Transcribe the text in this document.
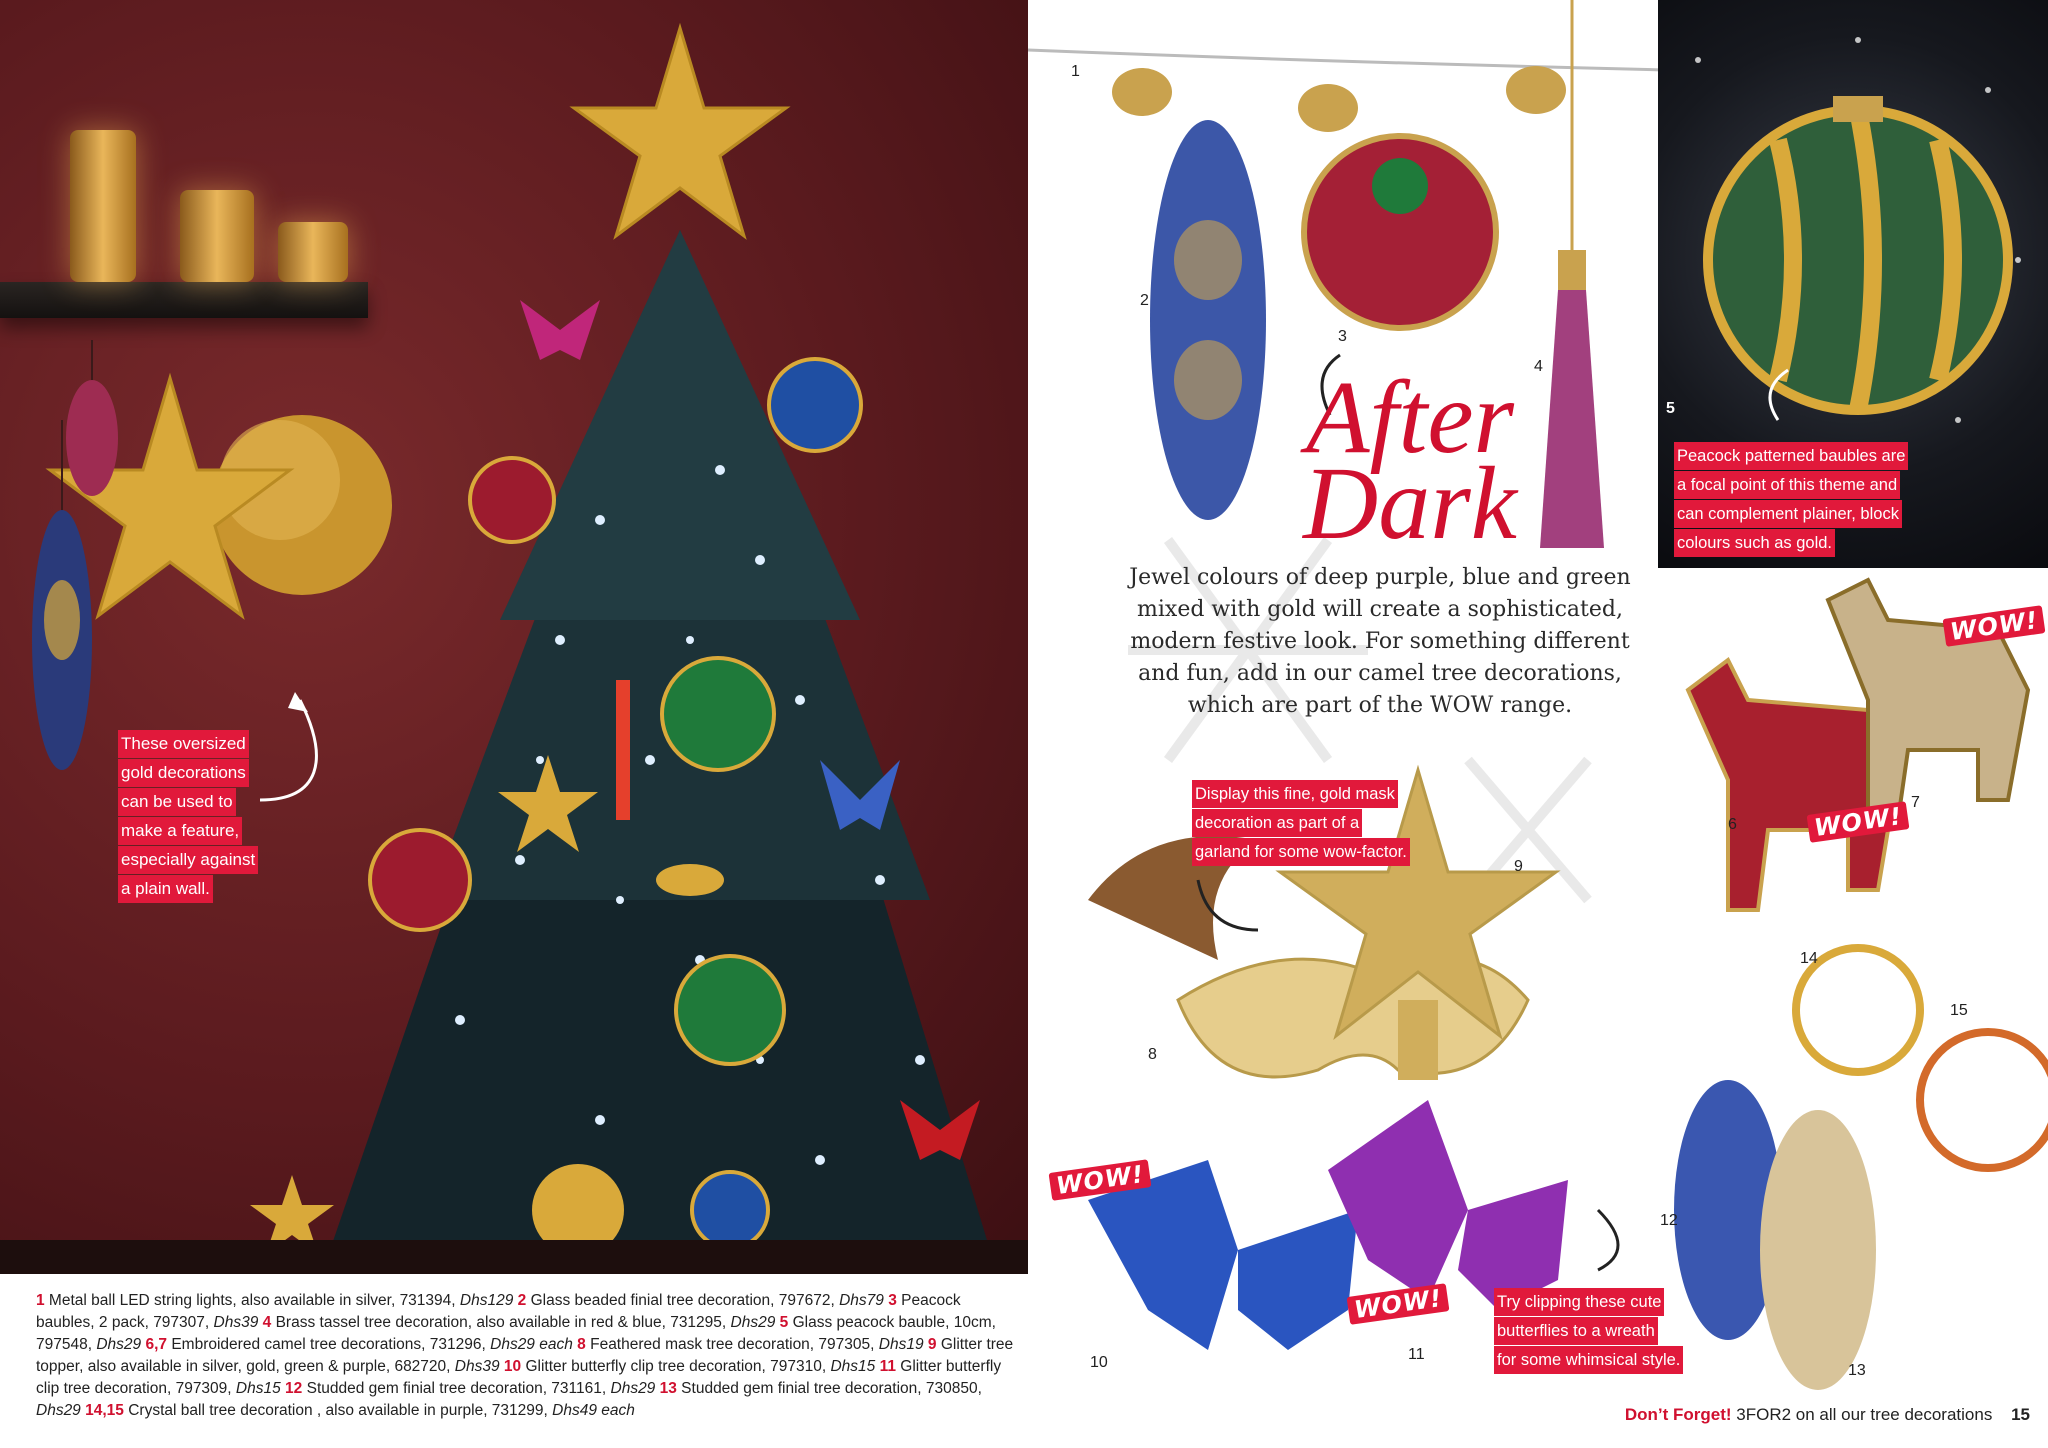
These oversized
gold decorations
can be used to
make a feature,
especially against
a plain wall.
1 Metal ball LED string lights, also available in silver, 731394, Dhs129 2 Glass beaded finial tree decoration, 797672, Dhs79 3 Peacock baubles, 2 pack, 797307, Dhs39 4 Brass tassel tree decoration, also available in red & blue, 731295, Dhs29 5 Glass peacock bauble, 10cm, 797548, Dhs29 6,7 Embroidered camel tree decorations, 731296, Dhs29 each 8 Feathered mask tree decoration, 797305, Dhs19 9 Glitter tree topper, also available in silver, gold, green & purple, 682720, Dhs39 10 Glitter butterfly clip tree decoration, 797310, Dhs15 11 Glitter butterfly clip tree decoration, 797309, Dhs15 12 Studded gem finial tree decoration, 731161, Dhs29 13 Studded gem finial tree decoration, 730850, Dhs29 14,15 Crystal ball tree decoration , also available in purple, 731299, Dhs49 each
1
2
3
4
5
6
7
8
9
10	11
12
13
14
15
WOW!
WOW!
WOW!
WOW!
After
Dark
Jewel colours of deep purple, blue and green mixed with gold will create a sophisticated, modern festive look. For something different and fun, add in our camel tree decorations, which are part of the WOW range.
Peacock patterned baubles are
a focal point of this theme and
can complement plainer, block
colours such as gold.
Display this fine, gold mask
decoration as part of a
garland for some wow-factor.
Try clipping these cute
butterflies to a wreath
for some whimsical style.
Don’t Forget! 3FOR2 on all our tree decorations 15
